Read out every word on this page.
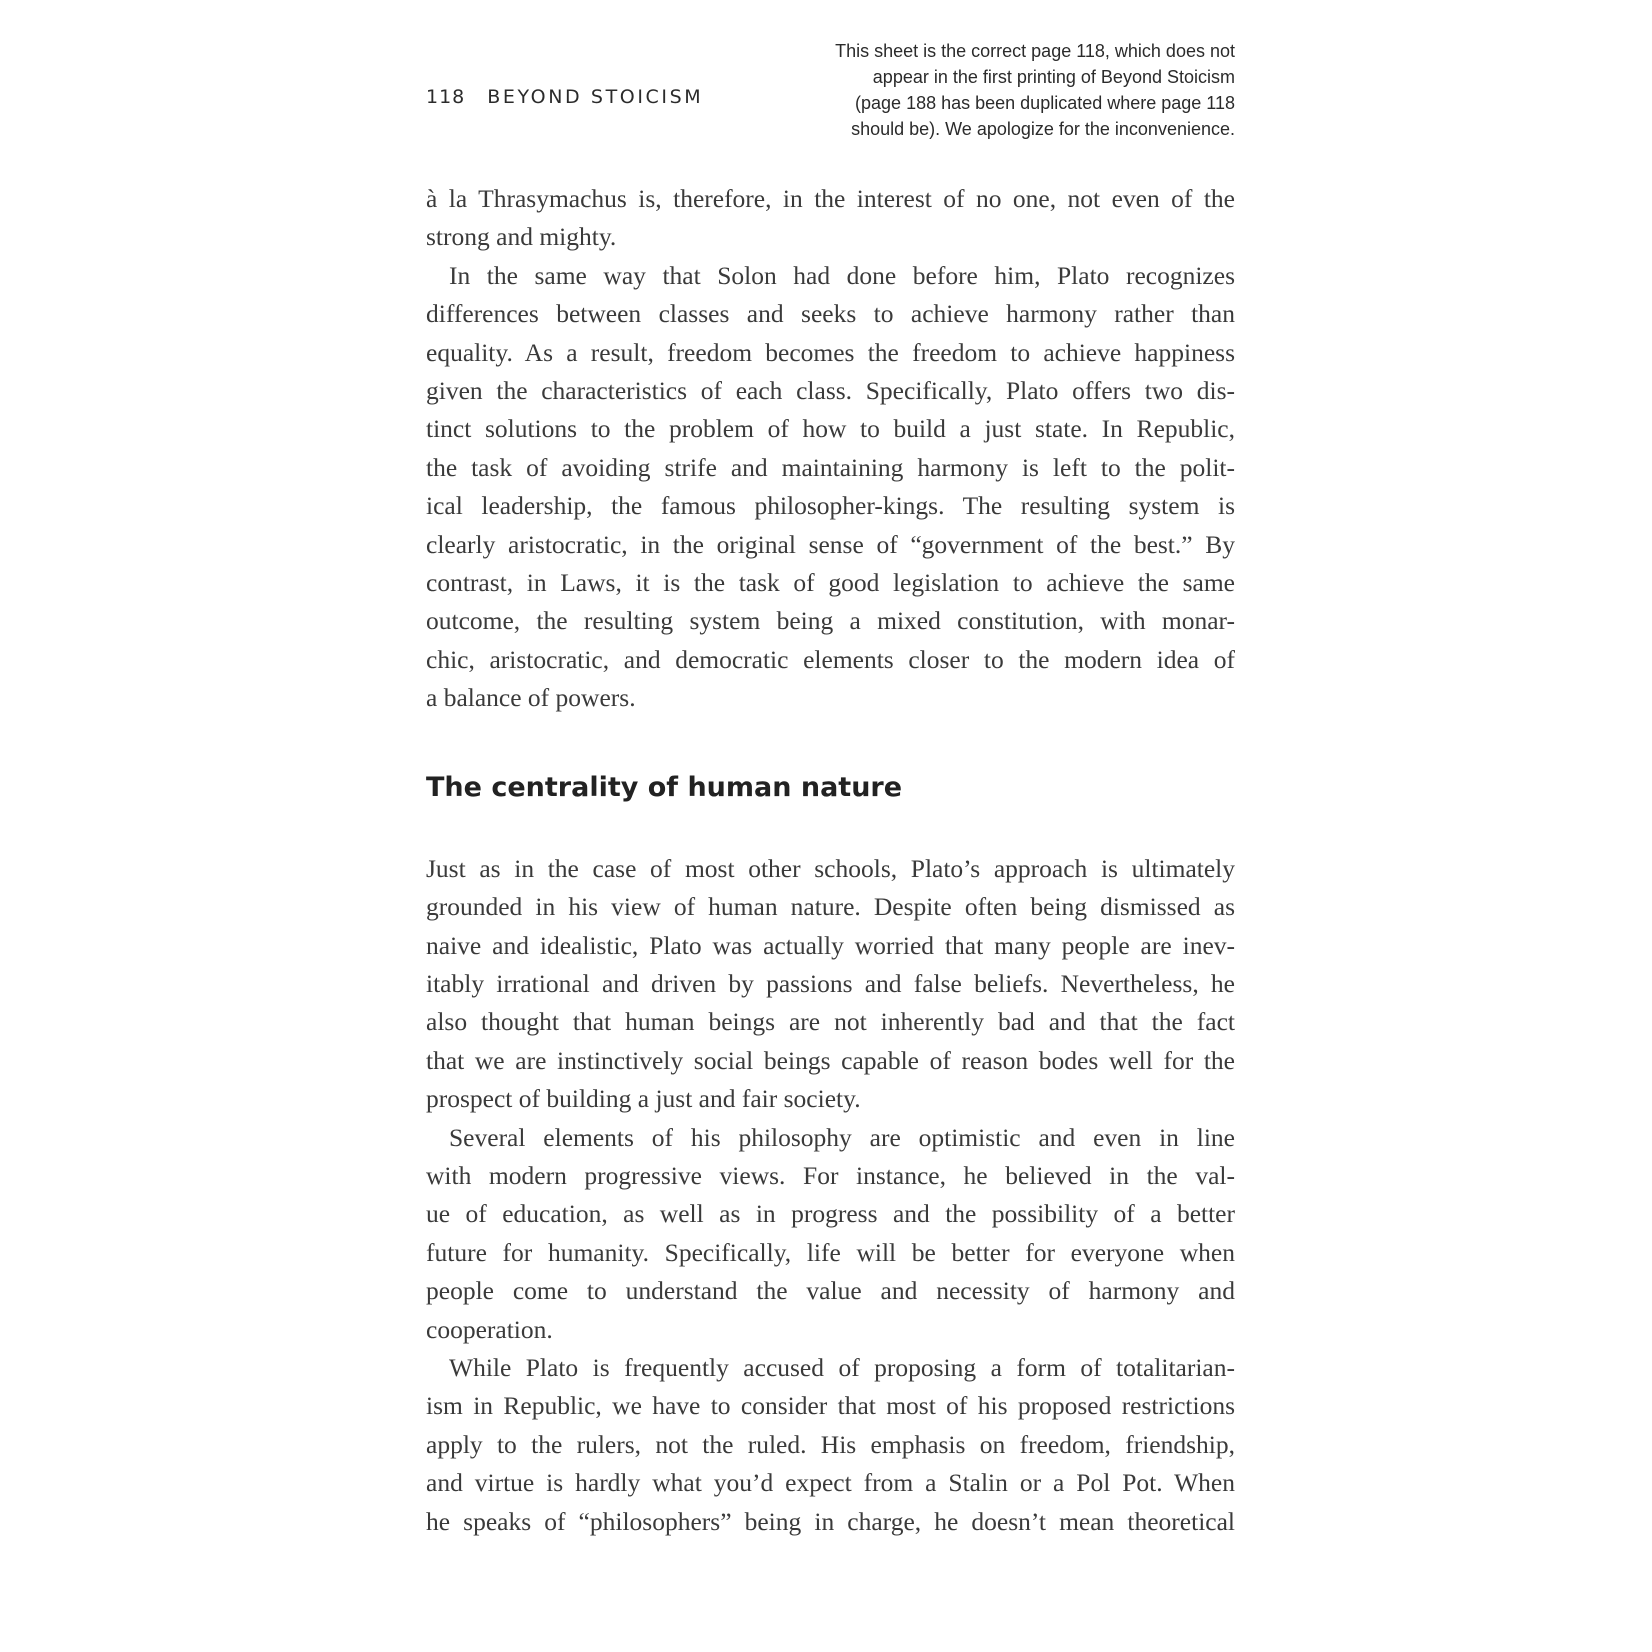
118 BEYOND STOICISM

This sheet is the correct page 118, which does not

appear in the first printing of Beyond Stoicism

(page 188 has been duplicated where page 118

should be). We apologize for the inconvenience.

à la Thrasymachus is, therefore, in the interest of no one, not even of the
strong and mighty.

In the same way that Solon had done before him, Plato recognizes
differences between classes and seeks to achieve harmony rather than
equality. As a result, freedom becomes the freedom to achieve happiness
given the characteristics of each class. Specifically, Plato offers two dis-
tinct solutions to the problem of how to build a just state. In Republic,
the task of avoiding strife and maintaining harmony is left to the polit-
ical leadership, the famous philosopher-kings. The resulting system is
clearly aristocratic, in the original sense of “government of the best.” By
contrast, in Laws, it is the task of good legislation to achieve the same
outcome, the resulting system being a mixed constitution, with monar-
chic, aristocratic, and democratic elements closer to the modern idea of
a balance of powers.

The centrality of human nature

Just as in the case of most other schools, Plato’s approach is ultimately
grounded in his view of human nature. Despite often being dismissed as
naive and idealistic, Plato was actually worried that many people are inev-
itably irrational and driven by passions and false beliefs. Nevertheless, he
also thought that human beings are not inherently bad and that the fact
that we are instinctively social beings capable of reason bodes well for the
prospect of building a just and fair society.

Several elements of his philosophy are optimistic and even in line
with modern progressive views. For instance, he believed in the val-
ue of education, as well as in progress and the possibility of a better
future for humanity. Specifically, life will be better for everyone when
people come to understand the value and necessity of harmony and
cooperation.

While Plato is frequently accused of proposing a form of totalitarian-
ism in Republic, we have to consider that most of his proposed restrictions
apply to the rulers, not the ruled. His emphasis on freedom, friendship,
and virtue is hardly what you’d expect from a Stalin or a Pol Pot. When
he speaks of “philosophers” being in charge, he doesn’t mean theoretical
